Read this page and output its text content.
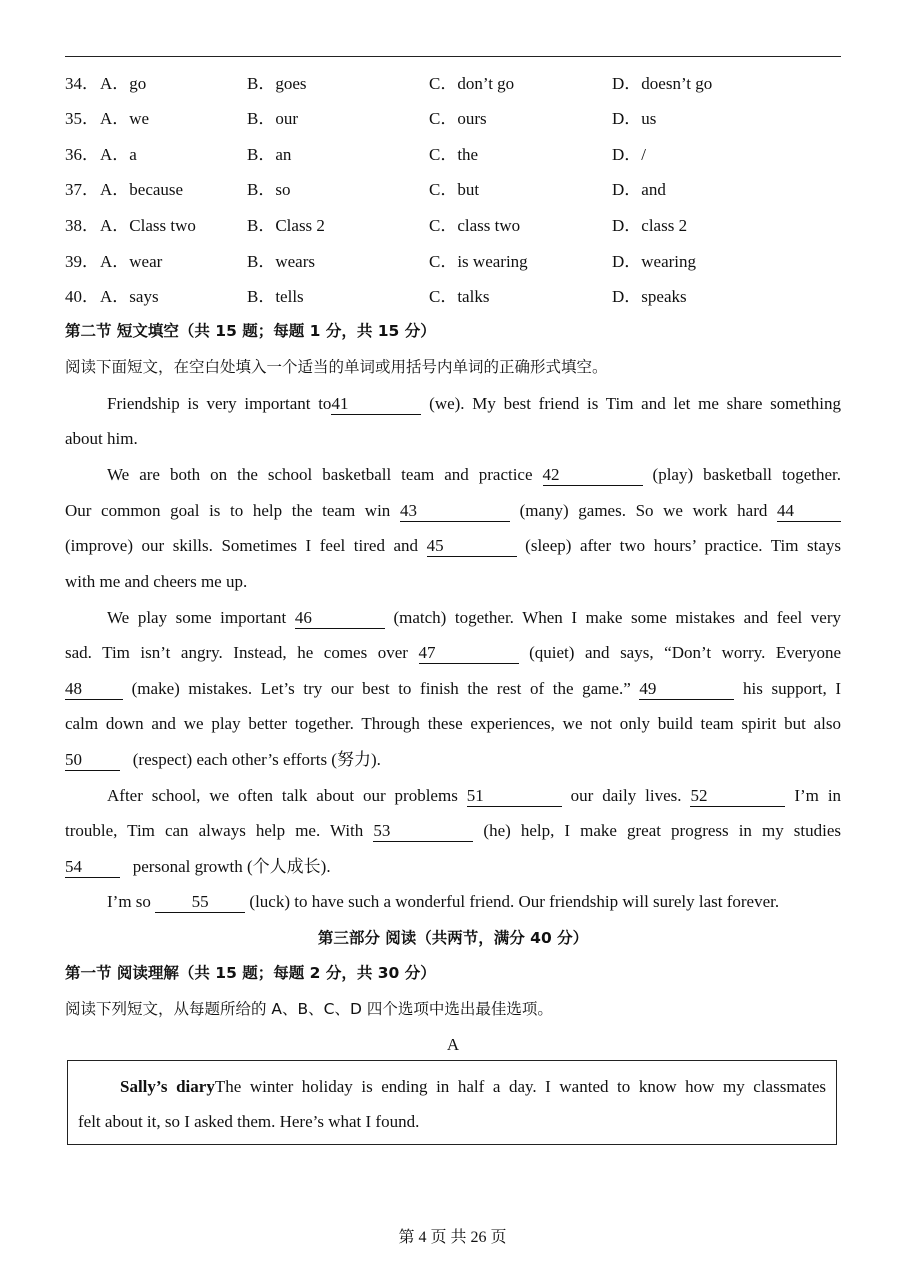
34． A．go	B．goes	C．don’t go	D．doesn’t go
35． A．we	B．our	C．ours	D．us
36． A．a	B．an	C．the	D．/
37． A．because	B．so	C．but	D．and
38． A．Class two	B．Class 2	C．class two	D．class 2
39． A．wear	B．wears	C．is wearing	D．wearing
40． A．says	B．tells	C．talks	D．speaks
第二节 短文填空（共 15 题；每题 1 分，共 15 分）
阅读下面短文，在空白处填入一个适当的单词或用括号内单词的正确形式填空。
Friendship is very important to41	(we). My best friend is Tim and let me share something
about him.
We are both on the school basketball team and practice 42	(play) basketball together.
Our common goal is to help the team win 43	(many) games. So we work hard 44
(improve) our skills. Sometimes I feel tired and 45	(sleep) after two hours’ practice. Tim stays
with me and cheers me up.
We play some important 46	(match) together. When I make some mistakes and feel very
sad. Tim isn’t angry. Instead, he comes over 47	(quiet) and says, “Don’t worry. Everyone
48	(make) mistakes. Let’s try our best to finish the rest of the game.” 49	his support, I
calm down and we play better together. Through these experiences, we not only build team spirit but also
50	(respect) each other’s efforts (努力).
After school, we often talk about our problems 51	our daily lives. 52	I’m in
trouble, Tim can always help me. With 53	(he) help, I make great progress in my studies
54	personal growth (个人成长).
I’m so 55 (luck) to have such a wonderful friend. Our friendship will surely last forever.
第三部分 阅读（共两节，满分 40 分）
第一节 阅读理解（共 15 题；每题 2 分，共 30 分）
阅读下列短文，从每题所给的 A、B、C、D 四个选项中选出最佳选项。
A
Sally’s diaryThe winter holiday is ending in half a day. I wanted to know how my classmates
felt about it, so I asked them. Here’s what I found.
第 4 页 共 26 页
